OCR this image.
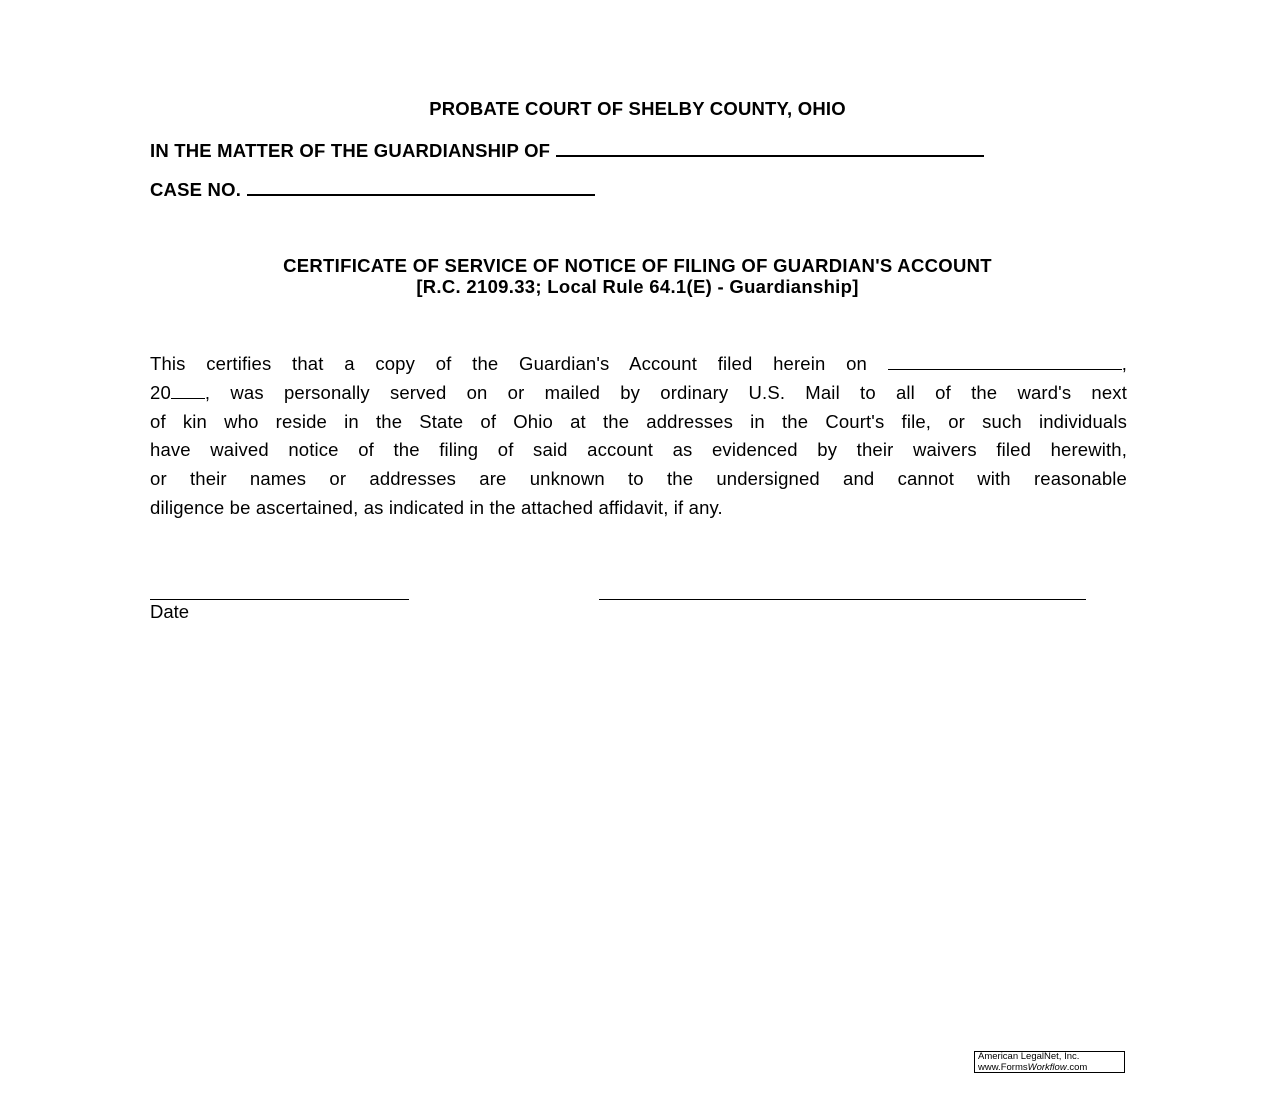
PROBATE COURT OF SHELBY COUNTY, OHIO
IN THE MATTER OF THE GUARDIANSHIP OF
CASE NO.
CERTIFICATE OF SERVICE OF NOTICE OF FILING OF GUARDIAN'S ACCOUNT
[R.C. 2109.33; Local Rule 64.1(E) - Guardianship]
This certifies that a copy of the Guardian's Account filed herein on	,
20 , was personally served on or mailed by ordinary U.S. Mail to all of the ward's next
of kin who reside in the State of Ohio at the addresses in the Court's file, or such individuals
have waived notice of the filing of said account as evidenced by their waivers filed herewith,
or their names or addresses are unknown to the undersigned and cannot with reasonable
diligence be ascertained, as indicated in the attached affidavit, if any.
Date
American LegalNet, Inc.
www.FormsWorkflow.com
